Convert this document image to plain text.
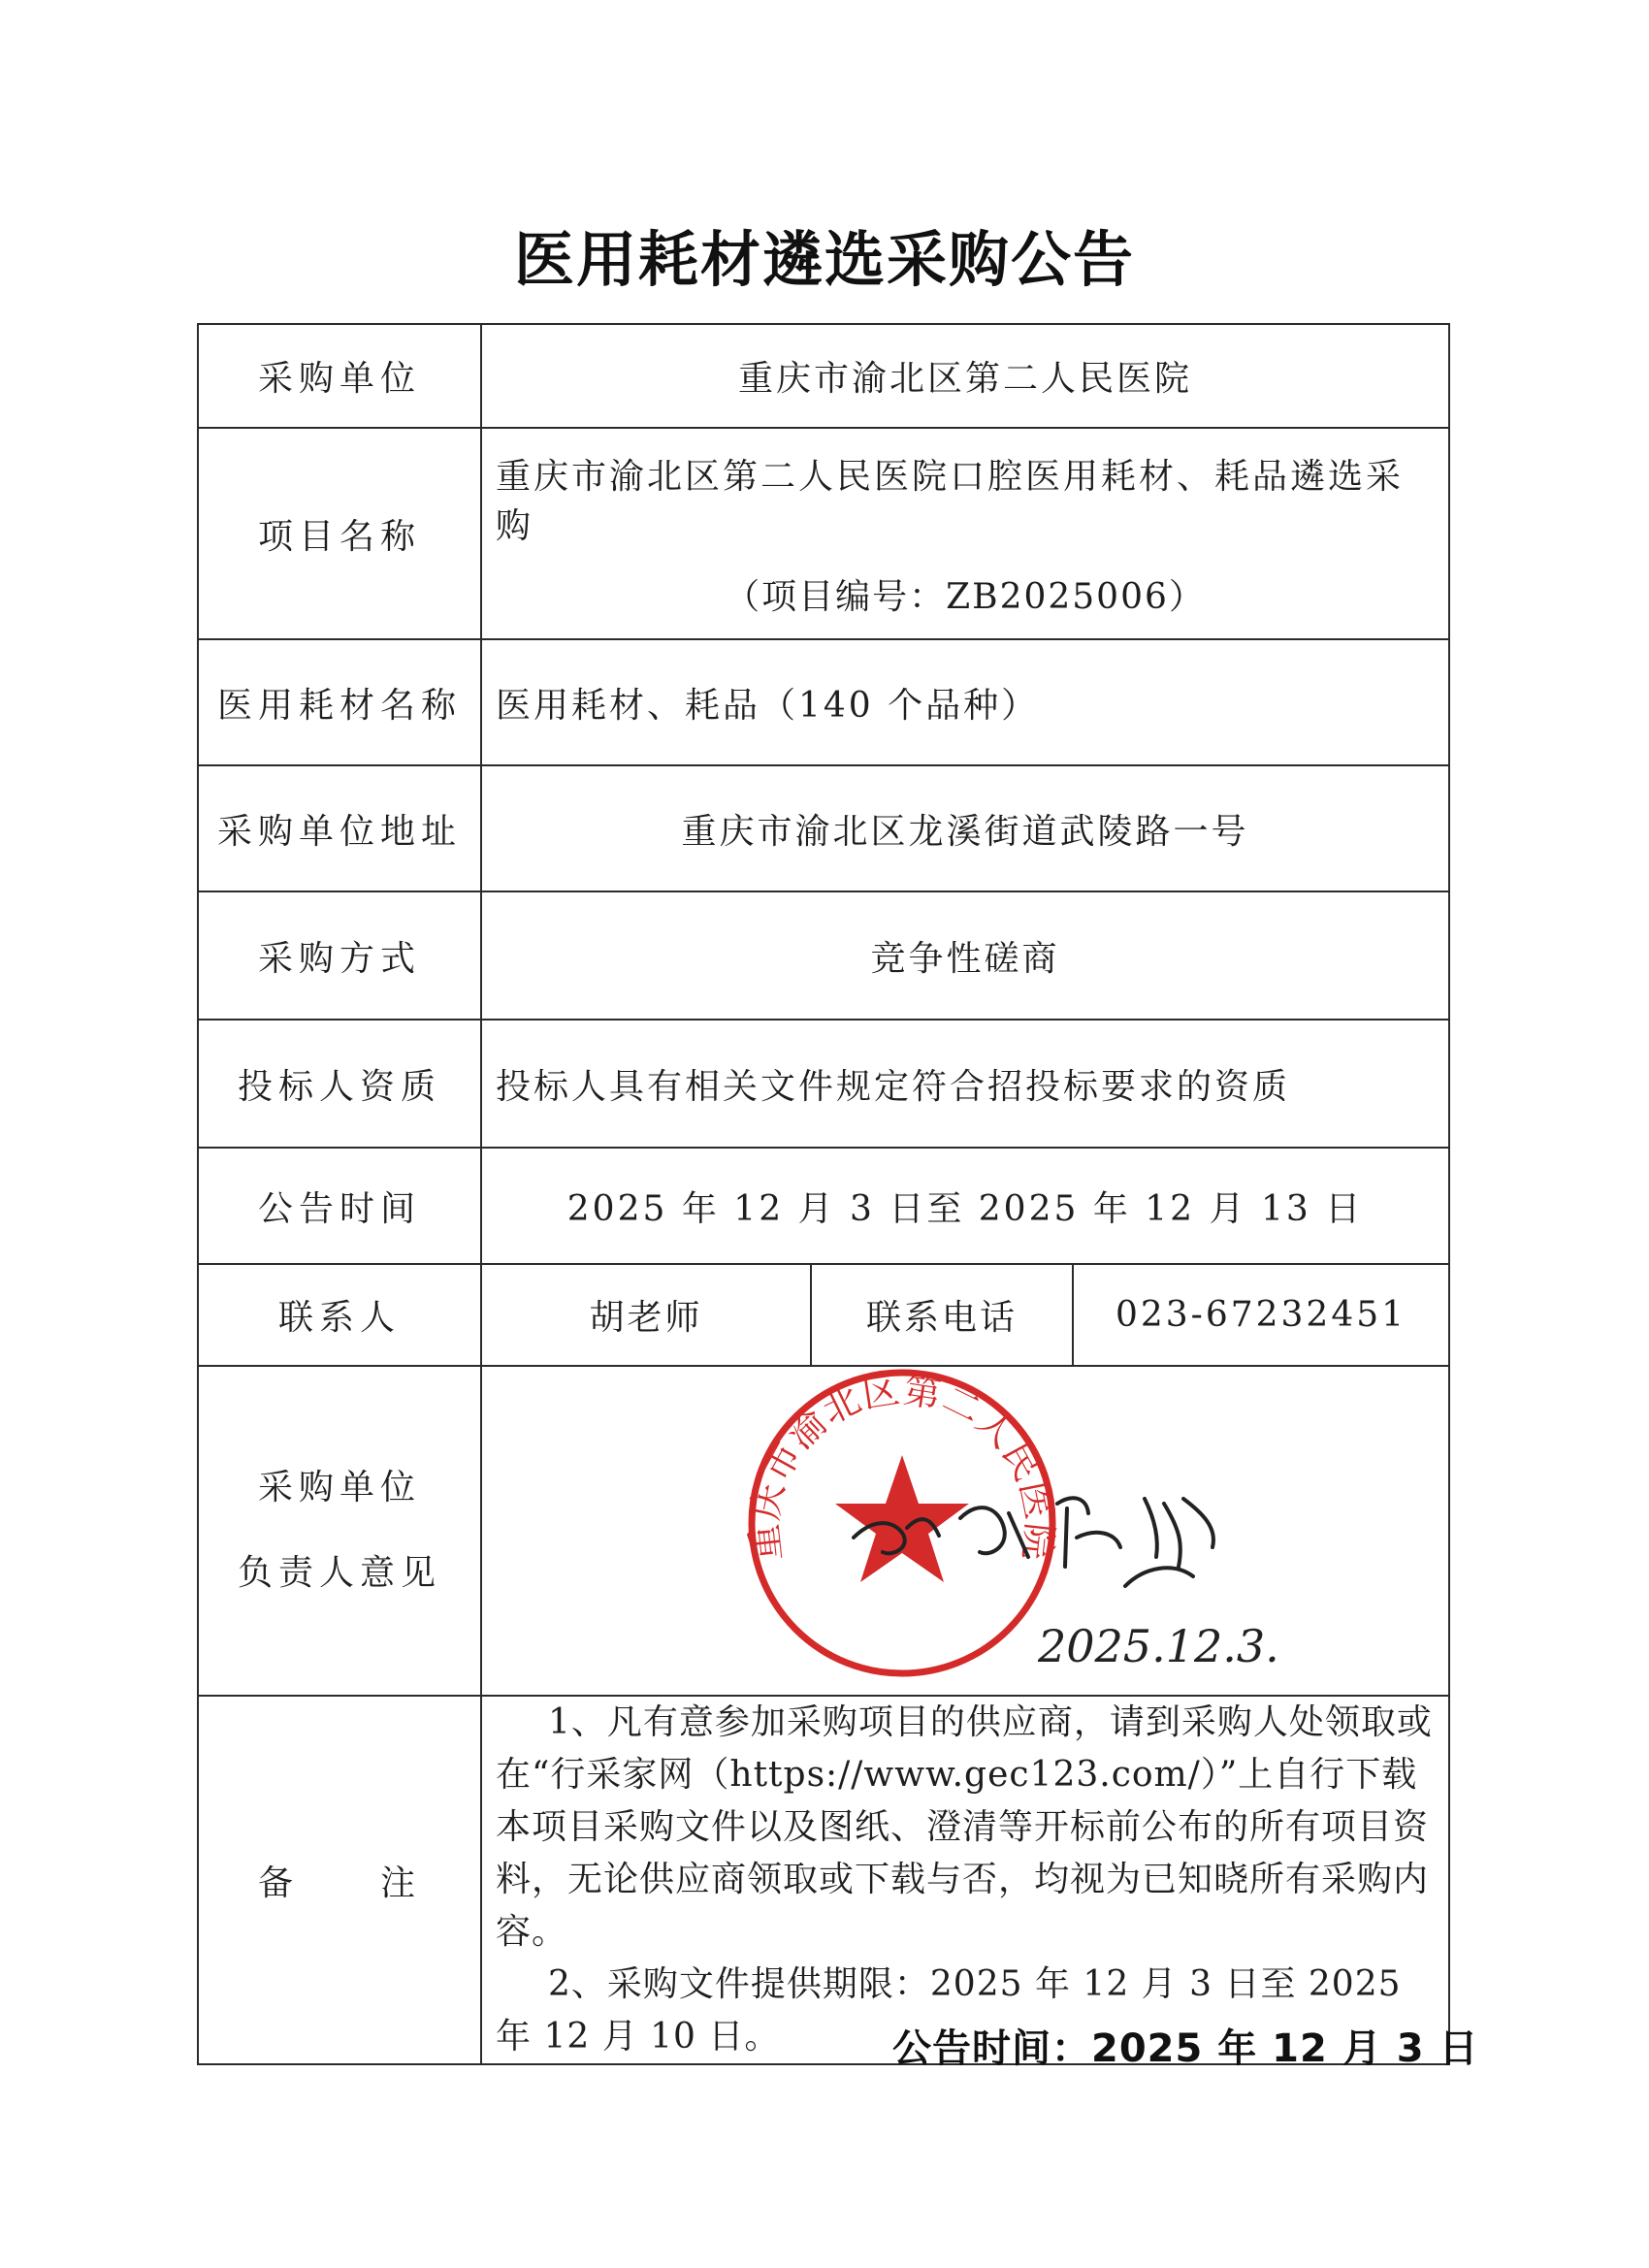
医用耗材遴选采购公告
采购单位	重庆市渝北区第二人民医院		
项目名称	重庆市渝北区第二人民医院口腔医用耗材、耗品遴选采购
（项目编号：ZB2025006）		

医用耗材名称	医用耗材、耗品（140 个品种）		
采购单位地址	重庆市渝北区龙溪街道武陵路一号		
采购方式	竞争性磋商		
投标人资质	投标人具有相关文件规定符合招投标要求的资质		
公告时间	2025 年 12 月 3 日至 2025 年 12 月 13 日		
联系人	胡老师	联系电话	023-67232451

采购单位
负责人意见			

备　　注	1、凡有意参加采购项目的供应商，请到采购人处领取或在“行采家网（https://www.gec123.com/）”上自行下载本项目采购文件以及图纸、澄清等开标前公布的所有项目资料，无论供应商领取或下载与否，均视为已知晓所有采购内容。

2、采购文件提供期限：2025 年 12 月 3 日至 2025 年 12 月 10 日。		

重庆市渝北区第二人民医院
2025.12.3.
公告时间：2025 年 12 月 3 日
